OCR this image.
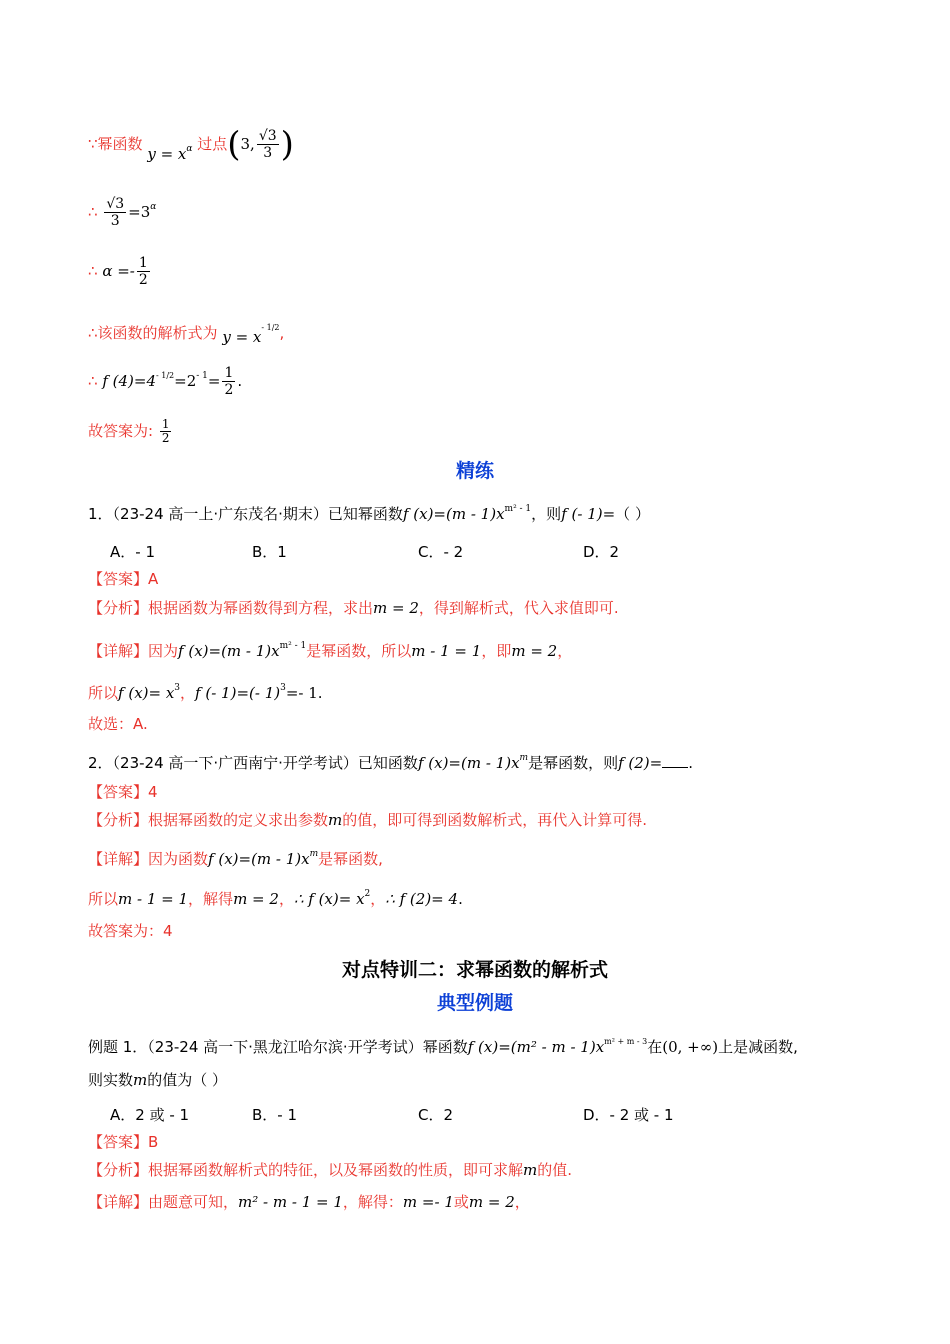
∵幂函数 $y = x^\alpha$ 过点(3, $\frac{√3}{3}$ )
∴ $\frac{√3}{3} =3^\alpha$
∴ $\alpha =- \frac{1}{2}$
∴该函数的解析式为 $y = x^{- 1/2}$,
∴ f $(4)=4^{- 1/2}=2^{- 1}= \frac{1}{2}$ .
故答案为: $\frac{1}{2}$
精练
1．（23-24 高一上·广东茂名·期末）已知幂函数f $(x)=(m - 1)x^{m^2 - 1}$，则f (- 1)=（ ）
A．- 1	B．1	C．- 2	D．2
【答案】A
【分析】根据函数为幂函数得到方程，求出m = 2，得到解析式，代入求值即可.
【详解】因为f $(x)=(m - 1)x^{m^2 - 1}$是幂函数，所以m - 1 = 1，即m = 2，
所以f $(x)= x^3$，f (- 1)=(- 1)$^3$=- 1.
故选：A.
2．（23-24 高一下·广西南宁·开学考试）已知函数f $(x)=(m - 1)x^m$是幂函数，则f (2)= .
【答案】4
【分析】根据幂函数的定义求出参数m的值，即可得到函数解析式，再代入计算可得.
【详解】因为函数f $(x)=(m - 1)x^m$是幂函数,
所以m - 1 = 1，解得m = 2，∴ f $(x)= x^2$，∴ f (2)= 4.
故答案为：4
对点特训二：求幂函数的解析式
典型例题
例题 1．（23-24 高一下·黑龙江哈尔滨·开学考试）幂函数f $(x)=(m^2 - m - 1)x^{m^2 + m - 3}$在(0, +∞)上是减函数,
则实数m的值为（ ）
A．2 或 - 1	B．- 1	C．2	D．- 2 或 - 1
【答案】B
【分析】根据幂函数解析式的特征，以及幂函数的性质，即可求解m的值.
【详解】由题意可知，m² - m - 1 = 1，解得：m =- 1或m = 2，
